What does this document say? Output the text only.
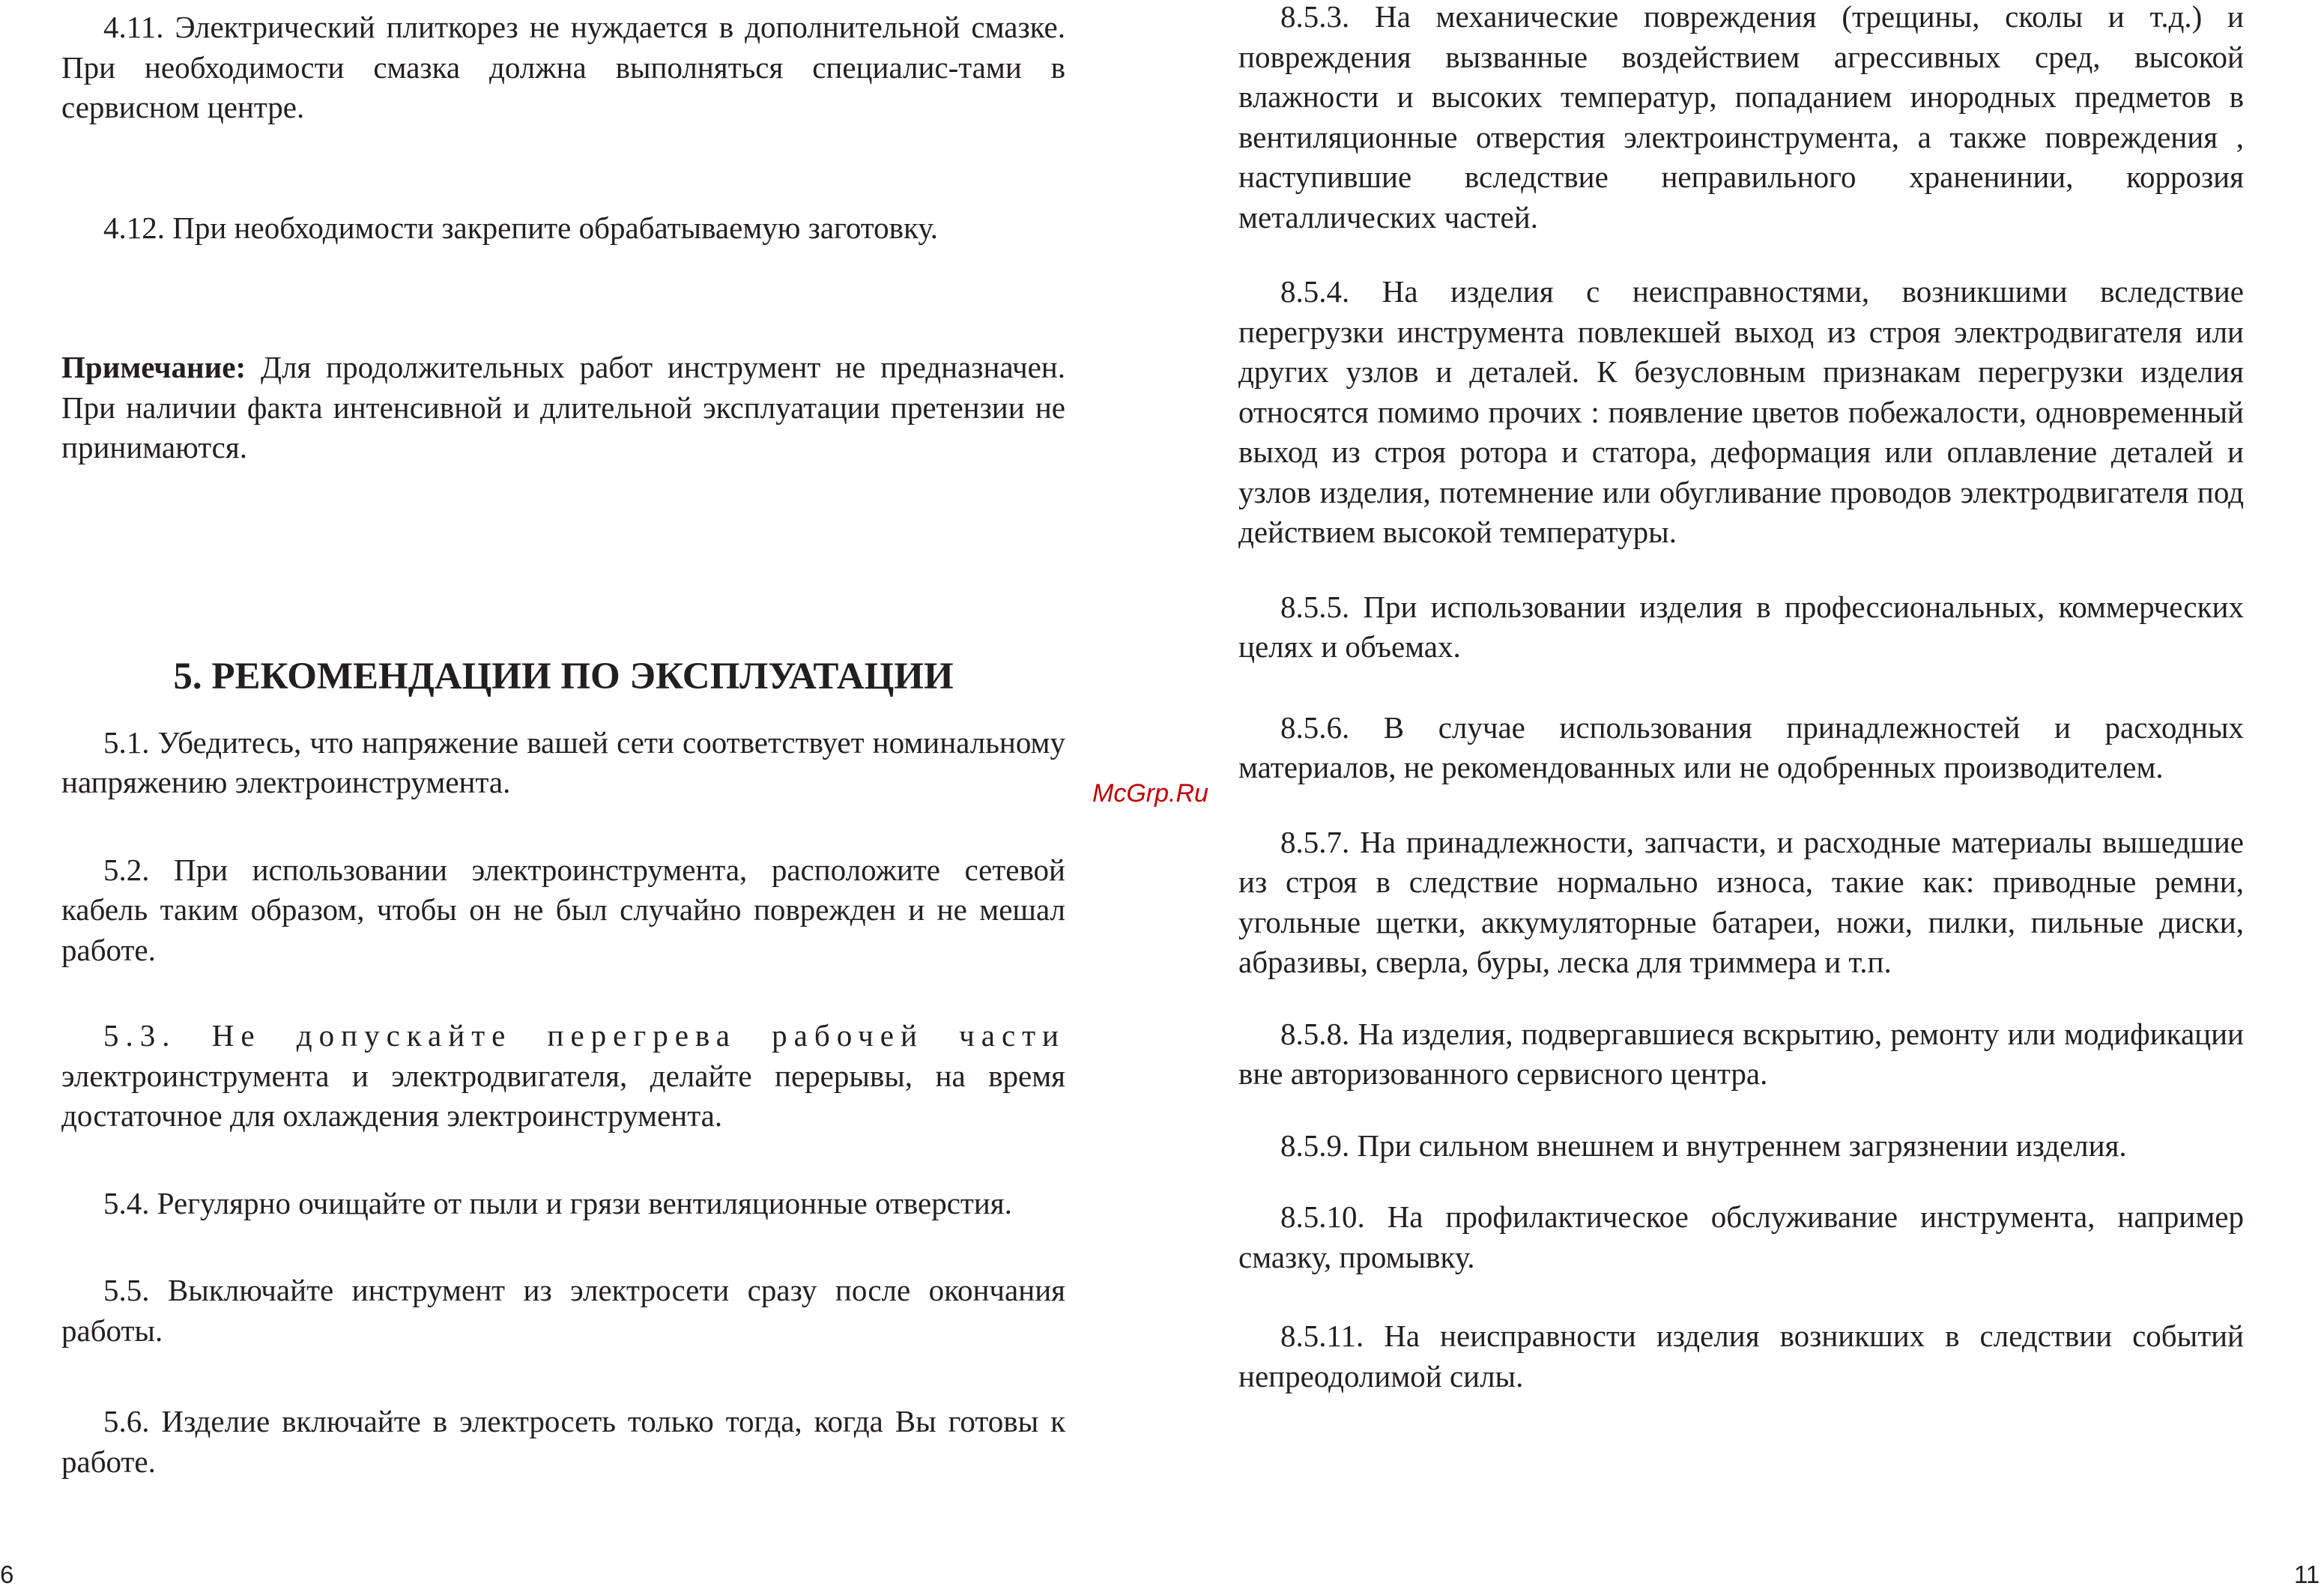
4.11. Электрический плиткорез не нуждается в дополнительной смазке. При необходимости смазка должна выполняться специалис-тами в сервисном центре.

4.12. При необходимости закрепите обрабатываемую заготовку.

Примечание: Для продолжительных работ инструмент не предназначен. При наличии факта интенсивной и длительной эксплуатации претензии не принимаются.

5. РЕКОМЕНДАЦИИ ПО ЭКСПЛУАТАЦИИ

5.1. Убедитесь, что напряжение вашей сети соответствует номинальному напряжению электроинструмента.

5.2. При использовании электроинструмента, расположите сетевой кабель таким образом, чтобы он не был случайно поврежден и не мешал работе.

5.3. Не допускайте перегрева рабочей части электроинструмента и электродвигателя, делайте перерывы, на время достаточное для охлаждения электроинструмента.

5.4. Регулярно очищайте от пыли и грязи вентиляционные отверстия.

5.5. Выключайте инструмент из электросети сразу после окончания работы.

5.6. Изделие включайте в электросеть только тогда, когда Вы готовы к работе.

8.5.3. На механические повреждения (трещины, сколы и т.д.) и повреждения вызванные воздействием агрессивных сред, высокой влажности и высоких температур, попаданием инородных предметов в вентиляционные отверстия электроинструмента, а также повреждения , наступившие вследствие неправильного храненинии, коррозия металлических частей.

8.5.4. На изделия с неисправностями, возникшими вследствие перегрузки инструмента повлекшей выход из строя электродвигателя или других узлов и деталей. К безусловным признакам перегрузки изделия относятся помимо прочих : появление цветов побежалости, одновременный выход из строя ротора и статора, деформация или оплавление деталей и узлов изделия, потемнение или обугливание проводов электродвигателя под действием высокой температуры.

8.5.5. При использовании изделия в профессиональных, коммерческих целях и объемах.

8.5.6. В случае использования принадлежностей и расходных материалов, не рекомендованных или не одобренных производителем.

8.5.7. На принадлежности, запчасти, и расходные материалы вышедшие из строя в следствие нормально износа, такие как: приводные ремни, угольные щетки, аккумуляторные батареи, ножи, пилки, пильные диски, абразивы, сверла, буры, леска для триммера и т.п.

8.5.8. На изделия, подвергавшиеся вскрытию, ремонту или модификации вне авторизованного сервисного центра.

8.5.9. При сильном внешнем и внутреннем загрязнении изделия.

8.5.10. На профилактическое обслуживание инструмента, например смазку, промывку.

8.5.11. На неисправности изделия возникших в следствии событий непреодолимой силы.

McGrp.Ru
6	11
